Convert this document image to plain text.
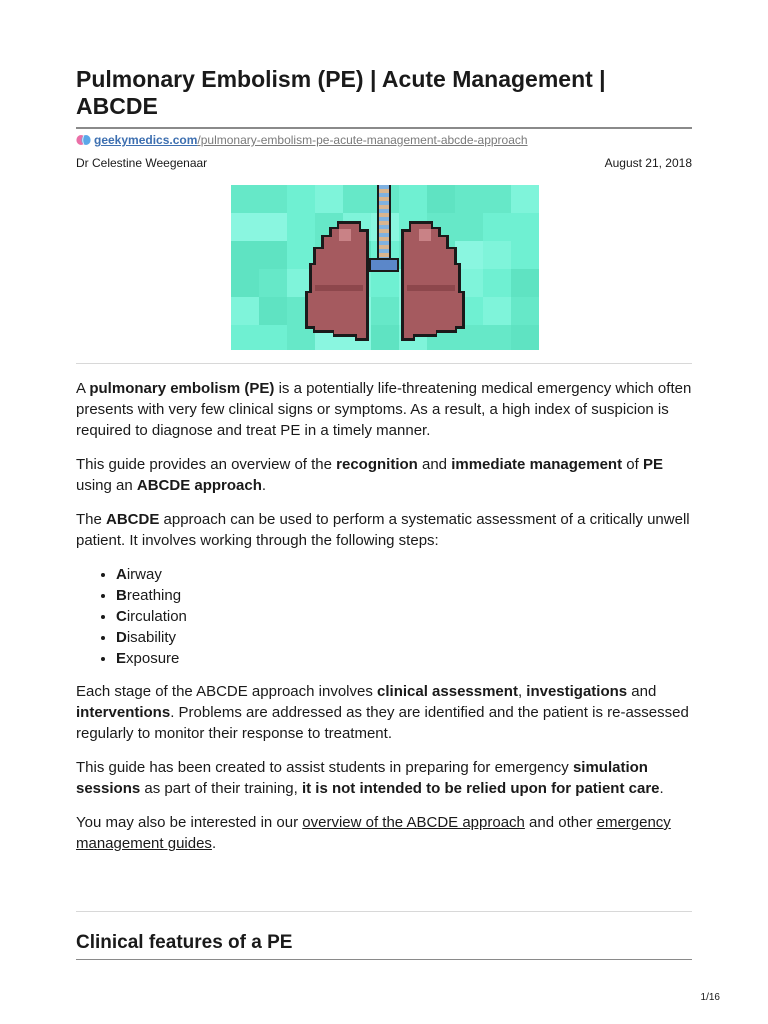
Pulmonary Embolism (PE) | Acute Management | ABCDE
geekymedics.com/pulmonary-embolism-pe-acute-management-abcde-approach
Dr Celestine Weegenaar	August 21, 2018

A pulmonary embolism (PE) is a potentially life-threatening medical emergency which often presents with very few clinical signs or symptoms. As a result, a high index of suspicion is required to diagnose and treat PE in a timely manner.

This guide provides an overview of the recognition and immediate management of PE using an ABCDE approach.

The ABCDE approach can be used to perform a systematic assessment of a critically unwell patient. It involves working through the following steps:

• Airway
• Breathing
• Circulation
• Disability
• Exposure

Each stage of the ABCDE approach involves clinical assessment, investigations and interventions. Problems are addressed as they are identified and the patient is re-assessed regularly to monitor their response to treatment.

This guide has been created to assist students in preparing for emergency simulation sessions as part of their training, it is not intended to be relied upon for patient care.

You may also be interested in our overview of the ABCDE approach and other emergency management guides.

Clinical features of a PE
1/16
